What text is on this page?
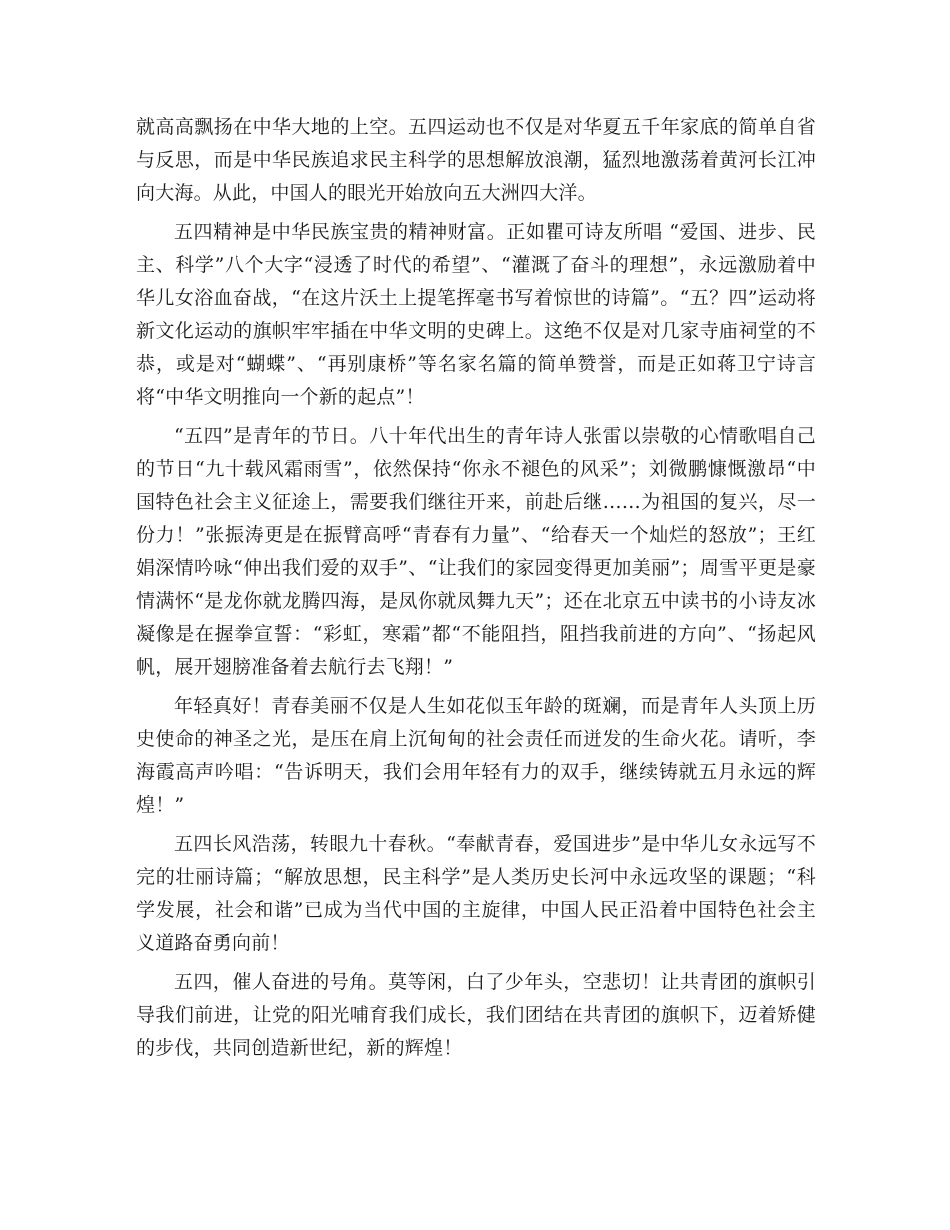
就高高飘扬在中华大地的上空。五四运动也不仅是对华夏五千年家底的简单自省与反思，而是中华民族追求民主科学的思想解放浪潮，猛烈地激荡着黄河长江冲向大海。从此，中国人的眼光开始放向五大洲四大洋。

五四精神是中华民族宝贵的精神财富。正如瞿可诗友所唱 “爱国、进步、民主、科学”八个大字“浸透了时代的希望”、“灌溉了奋斗的理想”，永远激励着中华儿女浴血奋战，“在这片沃土上提笔挥毫书写着惊世的诗篇”。“五？四”运动将新文化运动的旗帜牢牢插在中华文明的史碑上。这绝不仅是对几家寺庙祠堂的不恭，或是对“蝴蝶”、“再别康桥”等名家名篇的简单赞誉，而是正如蒋卫宁诗言将“中华文明推向一个新的起点”！

“五四”是青年的节日。八十年代出生的青年诗人张雷以崇敬的心情歌唱自己的节日“九十载风霜雨雪”，依然保持“你永不褪色的风采”；刘微鹏慷慨激昂“中国特色社会主义征途上，需要我们继往开来，前赴后继……为祖国的复兴，尽一份力！”张振涛更是在振臂高呼“青春有力量”、“给春天一个灿烂的怒放”；王红娟深情吟咏“伸出我们爱的双手”、“让我们的家园变得更加美丽”；周雪平更是豪情满怀“是龙你就龙腾四海，是凤你就凤舞九天”；还在北京五中读书的小诗友冰凝像是在握拳宣誓：“彩虹，寒霜”都“不能阻挡，阻挡我前进的方向”、“扬起风帆，展开翅膀准备着去航行去飞翔！”

年轻真好！青春美丽不仅是人生如花似玉年龄的斑斓，而是青年人头顶上历史使命的神圣之光，是压在肩上沉甸甸的社会责任而迸发的生命火花。请听，李海霞高声吟唱：“告诉明天，我们会用年轻有力的双手，继续铸就五月永远的辉煌！”

五四长风浩荡，转眼九十春秋。“奉献青春，爱国进步”是中华儿女永远写不完的壮丽诗篇；“解放思想，民主科学”是人类历史长河中永远攻坚的课题；“科学发展，社会和谐”已成为当代中国的主旋律，中国人民正沿着中国特色社会主义道路奋勇向前！

五四，催人奋进的号角。莫等闲，白了少年头，空悲切！让共青团的旗帜引导我们前进，让党的阳光哺育我们成长，我们团结在共青团的旗帜下，迈着矫健的步伐，共同创造新世纪，新的辉煌！
